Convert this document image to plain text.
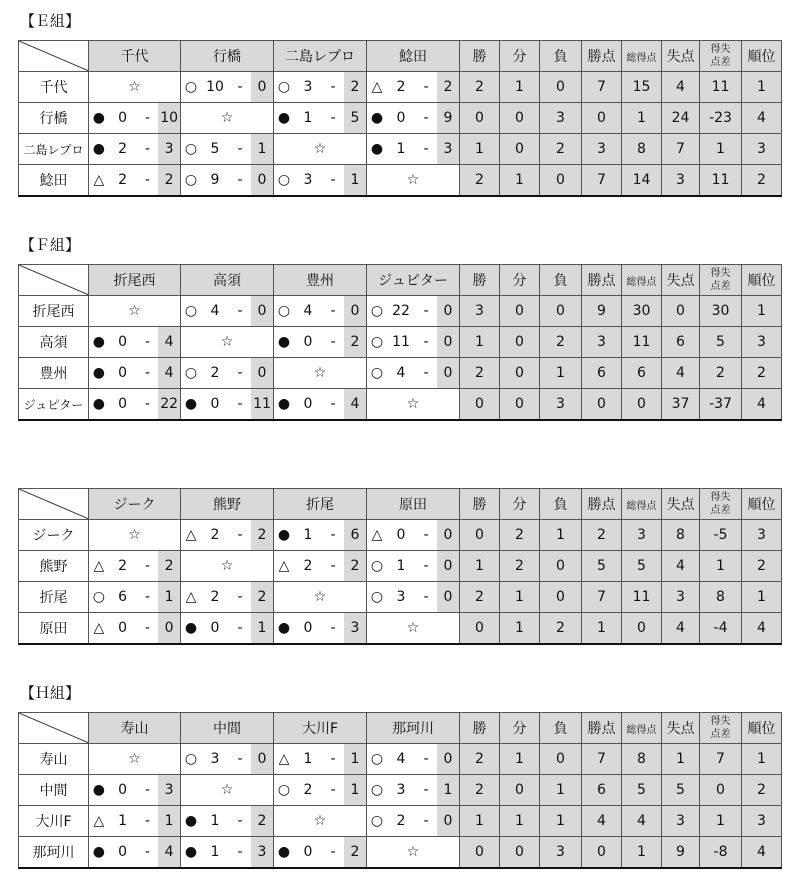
【Ｅ組】
	千代	行橋	二島レプロ	鯰田	勝	分	負	勝点	総得点	失点	得失点差	順位
千代	☆	○ 10 - 0	○ 3 - 2	△ 2 - 2	2	1	0	7	15	4	11	1
行橋	● 0 - 10	☆	● 1 - 5	● 0 - 9	0	0	3	0	1	24	-23	4
二島レプロ	● 2 - 3	○ 5 - 1	☆	● 1 - 3	1	0	2	3	8	7	1	3
鯰田	△ 2 - 2	○ 9 - 0	○ 3 - 1	☆	2	1	0	7	14	3	11	2
【Ｆ組】
	折尾西	高須	豊州	ジュピター	勝	分	負	勝点	総得点	失点	得失点差	順位
折尾西	☆	○ 4 - 0	○ 4 - 0	○ 22 - 0	3	0	0	9	30	0	30	1
高須	● 0 - 4	☆	● 0 - 2	○ 11 - 0	1	0	2	3	11	6	5	3
豊州	● 0 - 4	○ 2 - 0	☆	○ 4 - 0	2	0	1	6	6	4	2	2
ジュピター	● 0 - 22	● 0 - 11	● 0 - 4	☆	0	0	3	0	0	37	-37	4
	ジーク	熊野	折尾	原田	勝	分	負	勝点	総得点	失点	得失点差	順位
ジーク	☆	△ 2 - 2	● 1 - 6	△ 0 - 0	0	2	1	2	3	8	-5	3
熊野	△ 2 - 2	☆	△ 2 - 2	○ 1 - 0	1	2	0	5	5	4	1	2
折尾	○ 6 - 1	△ 2 - 2	☆	○ 3 - 0	2	1	0	7	11	3	8	1
原田	△ 0 - 0	● 0 - 1	● 0 - 3	☆	0	1	2	1	0	4	-4	4
【Ｈ組】
	寿山	中間	大川F	那珂川	勝	分	負	勝点	総得点	失点	得失点差	順位
寿山	☆	○ 3 - 0	△ 1 - 1	○ 4 - 0	2	1	0	7	8	1	7	1
中間	● 0 - 3	☆	○ 2 - 1	○ 3 - 1	2	0	1	6	5	5	0	2
大川F	△ 1 - 1	● 1 - 2	☆	○ 2 - 0	1	1	1	4	4	3	1	3
那珂川	● 0 - 4	● 1 - 3	● 0 - 2	☆	0	0	3	0	1	9	-8	4
